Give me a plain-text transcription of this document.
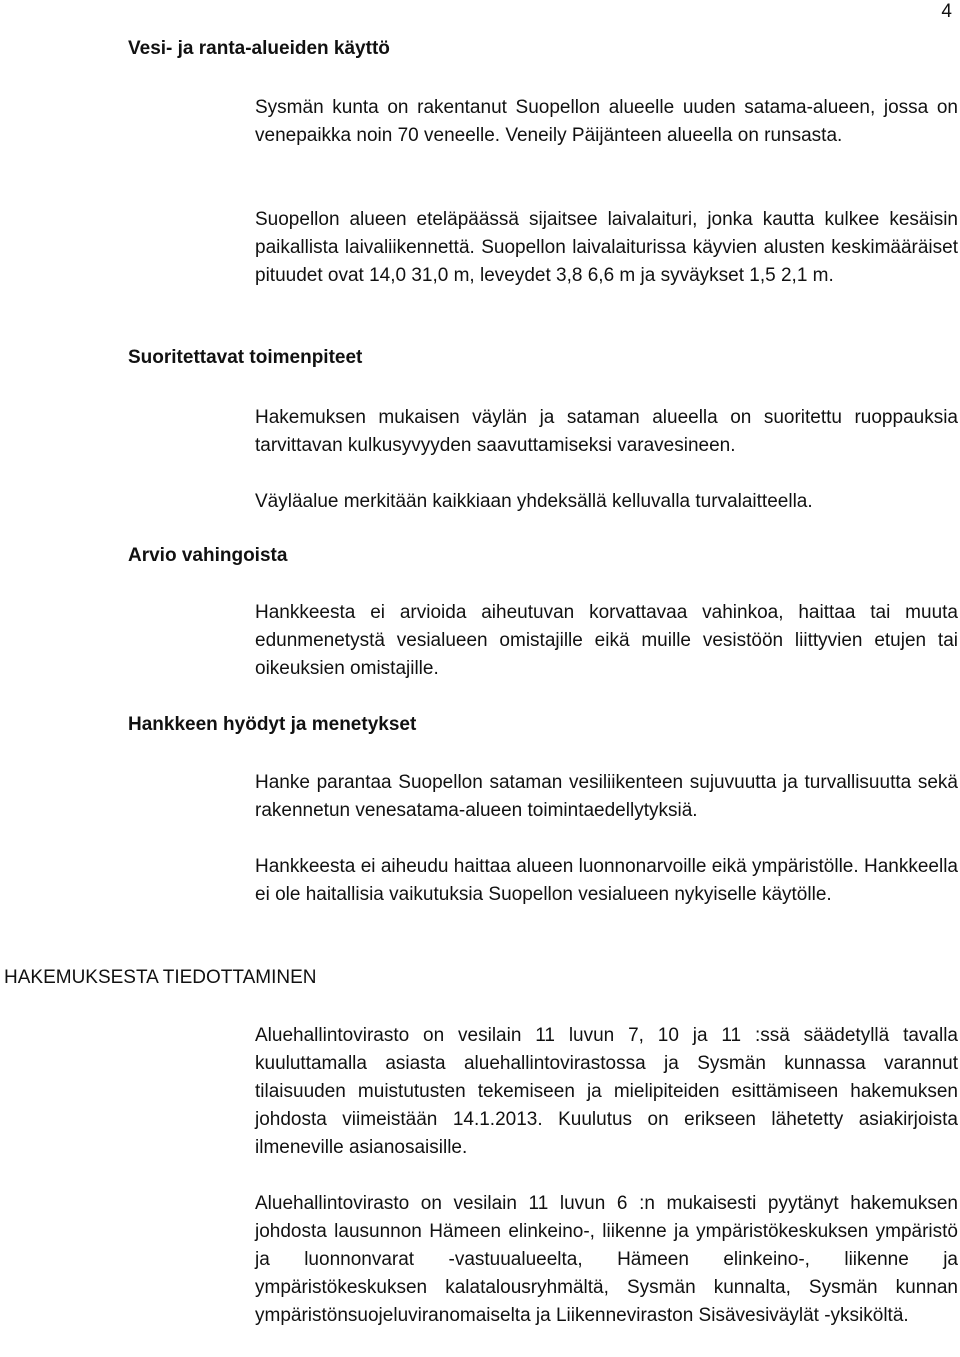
4
Vesi- ja ranta-alueiden käyttö

Sysmän kunta on rakentanut Suopellon alueelle uuden satama-alueen, jossa on venepaikka noin 70 veneelle. Veneily Päijänteen alueella on runsasta.

Suopellon alueen eteläpäässä sijaitsee laivalaituri, jonka kautta kulkee kesäisin paikallista laivaliikennettä. Suopellon laivalaiturissa käyvien alusten keskimääräiset pituudet ovat 14,0 31,0 m, leveydet 3,8 6,6 m ja syväykset 1,5 2,1 m.

Suoritettavat toimenpiteet

Hakemuksen mukaisen väylän ja sataman alueella on suoritettu ruoppauksia tarvittavan kulkusyvyyden saavuttamiseksi varavesineen.

Väyläalue merkitään kaikkiaan yhdeksällä kelluvalla turvalaitteella.

Arvio vahingoista

Hankkeesta ei arvioida aiheutuvan korvattavaa vahinkoa, haittaa tai muuta edunmenetystä vesialueen omistajille eikä muille vesistöön liittyvien etujen tai oikeuksien omistajille.

Hankkeen hyödyt ja menetykset

Hanke parantaa Suopellon sataman vesiliikenteen sujuvuutta ja turvallisuutta sekä rakennetun venesatama-alueen toimintaedellytyksiä.

Hankkeesta ei aiheudu haittaa alueen luonnonarvoille eikä ympäristölle. Hankkeella ei ole haitallisia vaikutuksia Suopellon vesialueen nykyiselle käytölle.

HAKEMUKSESTA TIEDOTTAMINEN

Aluehallintovirasto on vesilain 11 luvun 7, 10 ja 11 :ssä säädetyllä tavalla kuuluttamalla asiasta aluehallintovirastossa ja Sysmän kunnassa varannut tilaisuuden muistutusten tekemiseen ja mielipiteiden esittämiseen hakemuksen johdosta viimeistään 14.1.2013. Kuulutus on erikseen lähetetty asiakirjoista ilmeneville asianosaisille.

Aluehallintovirasto on vesilain 11 luvun 6 :n mukaisesti pyytänyt hakemuksen johdosta lausunnon Hämeen elinkeino-, liikenne ja ympäristökeskuksen ympäristö ja luonnonvarat -vastuualueelta, Hämeen elinkeino-, liikenne ja ympäristökeskuksen kalatalousryhmältä, Sysmän kunnalta, Sysmän kunnan ympäristönsuojeluviranomaiselta ja Liikenneviraston Sisävesiväylät -yksiköltä.
